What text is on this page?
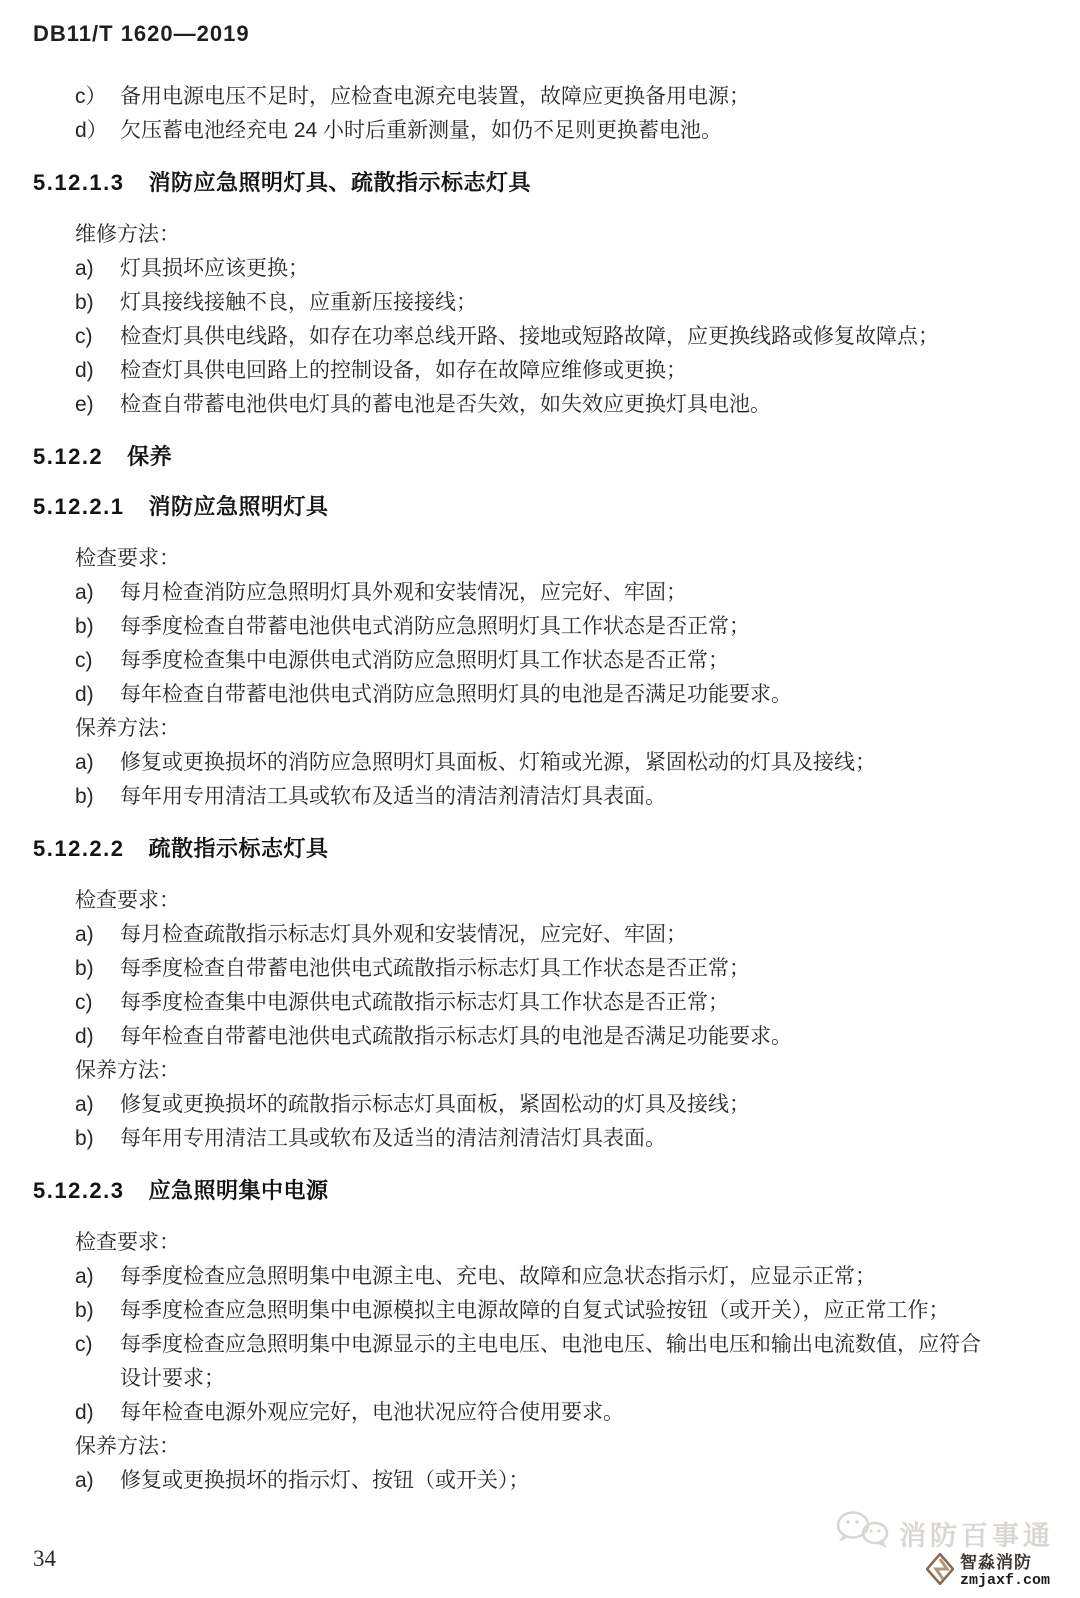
DB11/T 1620—2019
c） 备用电源电压不足时，应检查电源充电装置，故障应更换备用电源；
d） 欠压蓄电池经充电 24 小时后重新测量，如仍不足则更换蓄电池。
5.12.1.3 消防应急照明灯具、疏散指示标志灯具
维修方法：
a)	灯具损坏应该更换；
b)	灯具接线接触不良，应重新压接接线；
c)	检查灯具供电线路，如存在功率总线开路、接地或短路故障，应更换线路或修复故障点；
d)	检查灯具供电回路上的控制设备，如存在故障应维修或更换；
e)	检查自带蓄电池供电灯具的蓄电池是否失效，如失效应更换灯具电池。
5.12.2 保养
5.12.2.1 消防应急照明灯具
检查要求：
a)	每月检查消防应急照明灯具外观和安装情况，应完好、牢固；
b)	每季度检查自带蓄电池供电式消防应急照明灯具工作状态是否正常；
c)	每季度检查集中电源供电式消防应急照明灯具工作状态是否正常；
d)	每年检查自带蓄电池供电式消防应急照明灯具的电池是否满足功能要求。
保养方法：
a)	修复或更换损坏的消防应急照明灯具面板、灯箱或光源，紧固松动的灯具及接线；
b)	每年用专用清洁工具或软布及适当的清洁剂清洁灯具表面。
5.12.2.2 疏散指示标志灯具
检查要求：
a)	每月检查疏散指示标志灯具外观和安装情况，应完好、牢固；
b)	每季度检查自带蓄电池供电式疏散指示标志灯具工作状态是否正常；
c)	每季度检查集中电源供电式疏散指示标志灯具工作状态是否正常；
d)	每年检查自带蓄电池供电式疏散指示标志灯具的电池是否满足功能要求。
保养方法：
a)	修复或更换损坏的疏散指示标志灯具面板，紧固松动的灯具及接线；
b)	每年用专用清洁工具或软布及适当的清洁剂清洁灯具表面。
5.12.2.3 应急照明集中电源
检查要求：
a)	每季度检查应急照明集中电源主电、充电、故障和应急状态指示灯，应显示正常；
b)	每季度检查应急照明集中电源模拟主电源故障的自复式试验按钮（或开关），应正常工作；
c)	每季度检查应急照明集中电源显示的主电电压、电池电压、输出电压和输出电流数值，应符合设计要求；
d)	每年检查电源外观应完好，电池状况应符合使用要求。
保养方法：
a)	修复或更换损坏的指示灯、按钮（或开关）；
34
消防百事通
智淼消防
zmjaxf.com
